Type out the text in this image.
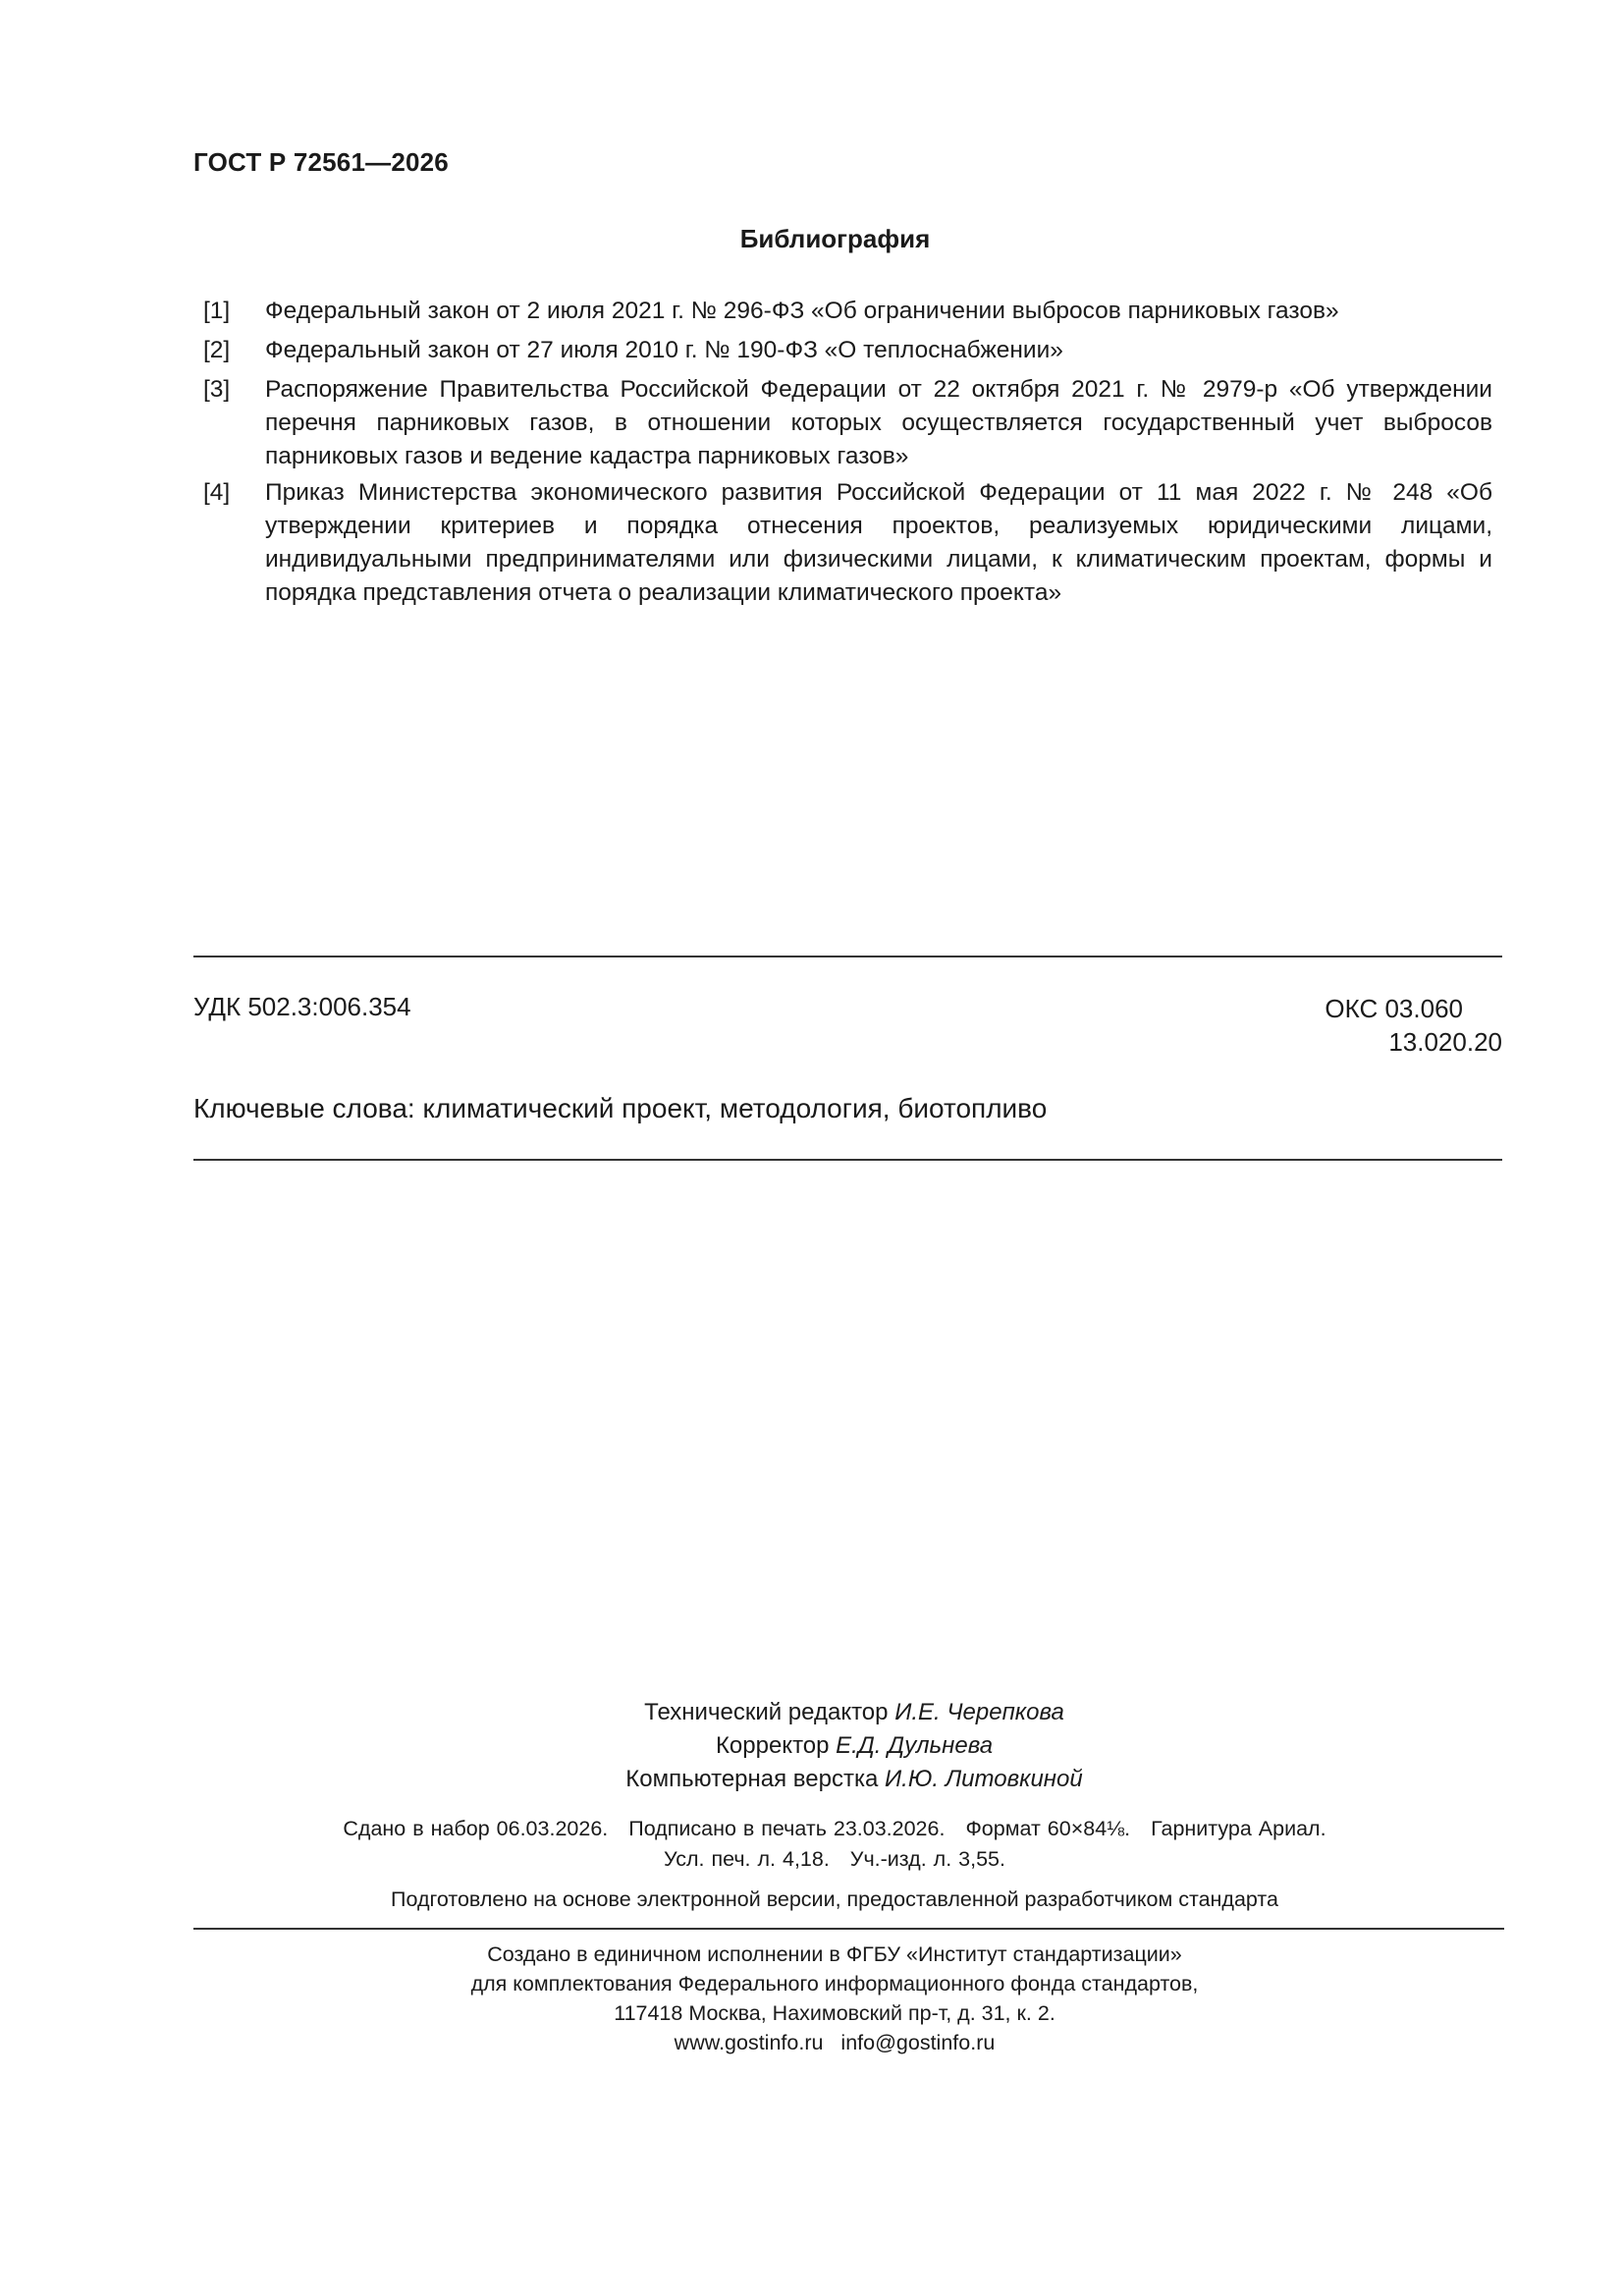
ГОСТ Р 72561—2026
Библиография
[1] Федеральный закон от 2 июля 2021 г. № 296-ФЗ «Об ограничении выбросов парниковых газов»
[2] Федеральный закон от 27 июля 2010 г. № 190-ФЗ «О теплоснабжении»
[3] Распоряжение Правительства Российской Федерации от 22 октября 2021 г. № 2979-р «Об утверждении перечня парниковых газов, в отношении которых осуществляется государственный учет выбросов парниковых газов и ведение кадастра парниковых газов»
[4] Приказ Министерства экономического развития Российской Федерации от 11 мая 2022 г. № 248 «Об утверждении критериев и порядка отнесения проектов, реализуемых юридическими лицами, индивидуальными предпринимателями или физическими лицами, к климатическим проектам, формы и порядка представления отчета о реализации климатического проекта»
УДК 502.3:006.354	ОКС 03.060
13.020.20
Ключевые слова: климатический проект, методология, биотопливо
Технический редактор И.Е. Черепкова
Корректор Е.Д. Дульнева
Компьютерная верстка И.Ю. Литовкиной
Сдано в набор 06.03.2026. Подписано в печать 23.03.2026. Формат 60×84⅛. Гарнитура Ариал.
Усл. печ. л. 4,18. Уч.-изд. л. 3,55.
Подготовлено на основе электронной версии, предоставленной разработчиком стандарта
Создано в единичном исполнении в ФГБУ «Институт стандартизации»
для комплектования Федерального информационного фонда стандартов,
117418 Москва, Нахимовский пр-т, д. 31, к. 2.
www.gostinfo.ru info@gostinfo.ru
